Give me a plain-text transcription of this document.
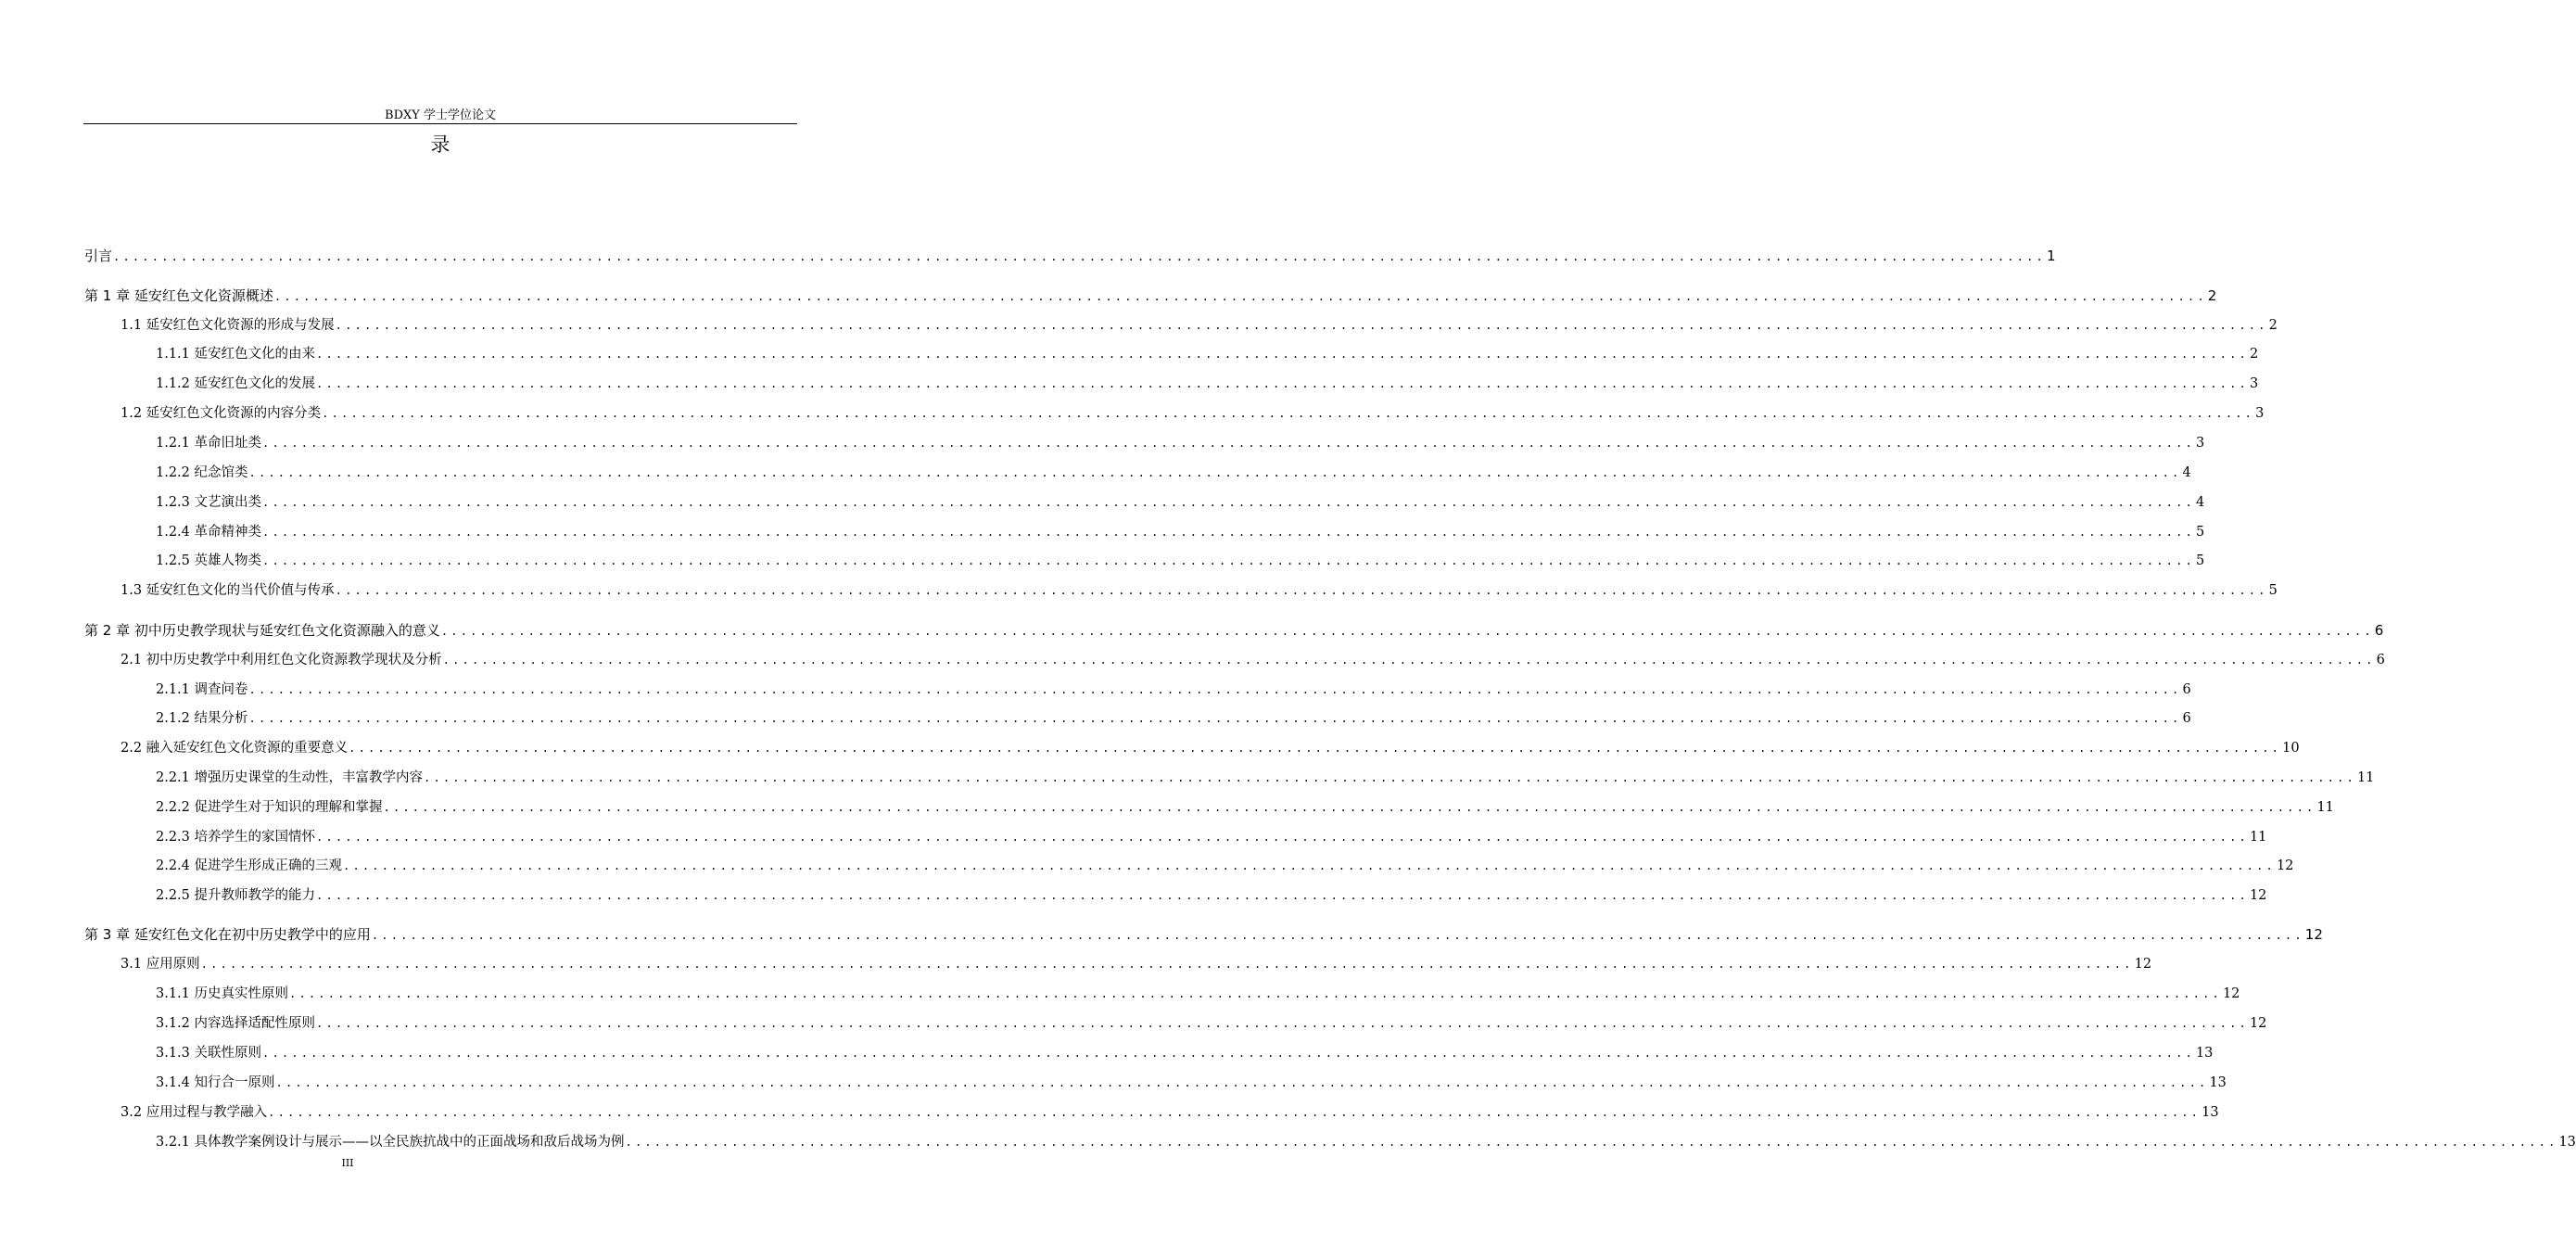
BDXY 学士学位论文
录
引言 ........................................................................................................................................................................................................ 1
第 1 章 延安红色文化资源概述 ........................................................................................................................................................................................................ 2
1.1 延安红色文化资源的形成与发展 ........................................................................................................................................................................................................ 2
1.1.1 延安红色文化的由来 ........................................................................................................................................................................................................ 2
1.1.2 延安红色文化的发展 ........................................................................................................................................................................................................ 3
1.2 延安红色文化资源的内容分类 ........................................................................................................................................................................................................ 3
1.2.1 革命旧址类 ........................................................................................................................................................................................................ 3
1.2.2 纪念馆类 ........................................................................................................................................................................................................ 4
1.2.3 文艺演出类 ........................................................................................................................................................................................................ 4
1.2.4 革命精神类 ........................................................................................................................................................................................................ 5
1.2.5 英雄人物类 ........................................................................................................................................................................................................ 5
1.3 延安红色文化的当代价值与传承 ........................................................................................................................................................................................................ 5
第 2 章 初中历史教学现状与延安红色文化资源融入的意义 ........................................................................................................................................................................................................ 6
2.1 初中历史教学中利用红色文化资源教学现状及分析 ........................................................................................................................................................................................................ 6
2.1.1 调查问卷 ........................................................................................................................................................................................................ 6
2.1.2 结果分析 ........................................................................................................................................................................................................ 6
2.2 融入延安红色文化资源的重要意义 ........................................................................................................................................................................................................ 10
2.2.1 增强历史课堂的生动性，丰富教学内容 ........................................................................................................................................................................................................ 11
2.2.2 促进学生对于知识的理解和掌握 ........................................................................................................................................................................................................ 11
2.2.3 培养学生的家国情怀 ........................................................................................................................................................................................................ 11
2.2.4 促进学生形成正确的三观 ........................................................................................................................................................................................................ 12
2.2.5 提升教师教学的能力 ........................................................................................................................................................................................................ 12
第 3 章 延安红色文化在初中历史教学中的应用 ........................................................................................................................................................................................................ 12
3.1 应用原则 ........................................................................................................................................................................................................ 12
3.1.1 历史真实性原则 ........................................................................................................................................................................................................ 12
3.1.2 内容选择适配性原则 ........................................................................................................................................................................................................ 12
3.1.3 关联性原则 ........................................................................................................................................................................................................ 13
3.1.4 知行合一原则 ........................................................................................................................................................................................................ 13
3.2 应用过程与教学融入 ........................................................................................................................................................................................................ 13
3.2.1 具体教学案例设计与展示——以全民族抗战中的正面战场和敌后战场为例 ........................................................................................................................................................................................................ 13
III
